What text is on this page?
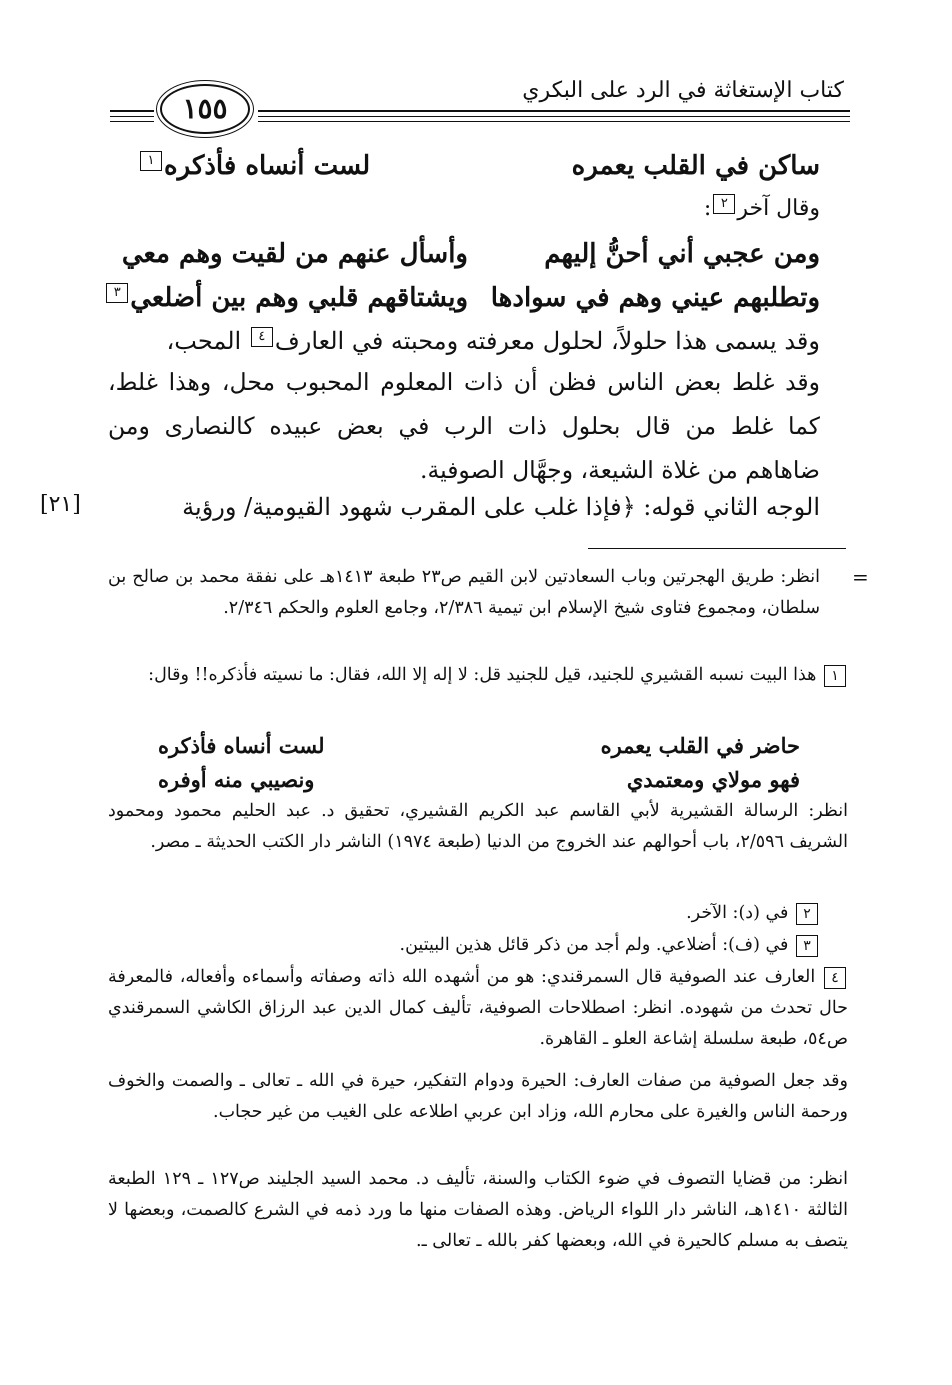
كتاب الإستغاثة في الرد على البكري
١٥٥
ساكن في القلب يعمره
لست أنساه فأذكره١
وقال آخر٢:
ومن عجبي أني أحنُّ إليهم
وأسأل عنهم من لقيت وهم معي
وتطلبهم عيني وهم في سوادها
ويشتاقهم قلبي وهم بين أضلعي٣
وقد يسمى هذا حلولاً، لحلول معرفته ومحبته في العارف٤ المحب،
وقد غلط بعض الناس فظن أن ذات المعلوم المحبوب محل، وهذا غلط، كما غلط من قال بحلول ذات الرب في بعض عبيده كالنصارى ومن ضاهاهم من غلاة الشيعة، وجهَّال الصوفية.
الوجه الثاني قوله: ﴿فإذا غلب على المقرب شهود القيومية/ ورؤية
[٢١]
=
انظر: طريق الهجرتين وباب السعادتين لابن القيم ص٢٣ طبعة ١٤١٣هـ على نفقة محمد بن صالح بن سلطان، ومجموع فتاوى شيخ الإسلام ابن تيمية ٢/٣٨٦، وجامع العلوم والحكم ٢/٣٤٦.
١ هذا البيت نسبه القشيري للجنيد، قيل للجنيد قل: لا إله إلا الله، فقال: ما نسيته فأذكره!! وقال:
حاضر في القلب يعمره
لست أنساه فأذكره
فهو مولاي ومعتمدي
ونصيبي منه أوفره
انظر: الرسالة القشيرية لأبي القاسم عبد الكريم القشيري، تحقيق د. عبد الحليم محمود ومحمود الشريف ٢/٥٩٦، باب أحوالهم عند الخروج من الدنيا (طبعة ١٩٧٤) الناشر دار الكتب الحديثة ـ مصر.
٢ في (د): الآخر.
٣ في (ف): أضلاعي. ولم أجد من ذكر قائل هذين البيتين.
٤ العارف عند الصوفية قال السمرقندي: هو من أشهده الله ذاته وصفاته وأسماءه وأفعاله، فالمعرفة حال تحدث من شهوده. انظر: اصطلاحات الصوفية، تأليف كمال الدين عبد الرزاق الكاشي السمرقندي ص٥٤، طبعة سلسلة إشاعة العلو ـ القاهرة.
وقد جعل الصوفية من صفات العارف: الحيرة ودوام التفكير، حيرة في الله ـ تعالى ـ والصمت والخوف ورحمة الناس والغيرة على محارم الله، وزاد ابن عربي اطلاعه على الغيب من غير حجاب.
انظر: من قضايا التصوف في ضوء الكتاب والسنة، تأليف د. محمد السيد الجليند ص١٢٧ ـ ١٢٩ الطبعة الثالثة ١٤١٠هـ، الناشر دار اللواء الرياض. وهذه الصفات منها ما ورد ذمه في الشرع كالصمت، وبعضها لا يتصف به مسلم كالحيرة في الله، وبعضها كفر بالله ـ تعالى ـ.
